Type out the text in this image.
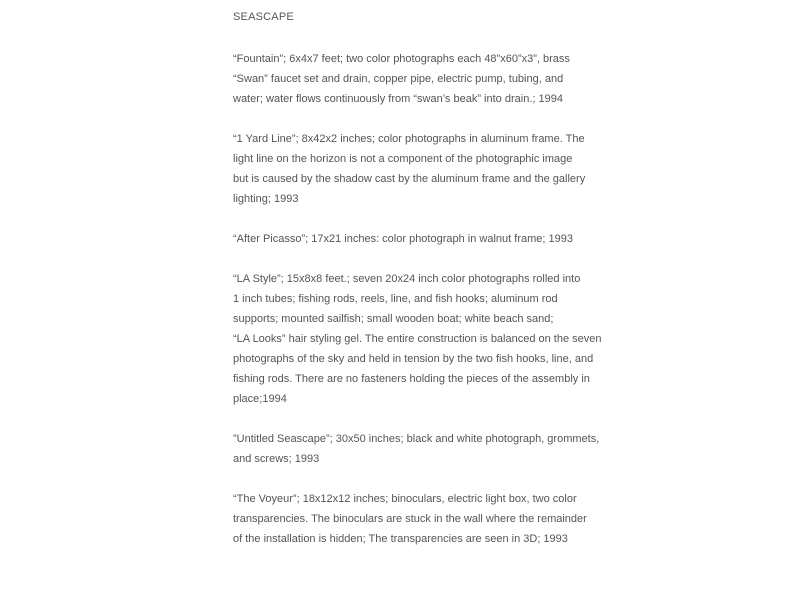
SEASCAPE
“Fountain”; 6x4x7 feet; two color photographs each 48”x60”x3”, brass
“Swan” faucet set and drain, copper pipe, electric pump, tubing, and
water; water flows continuously from “swan’s beak” into drain.; 1994
“1 Yard Line”; 8x42x2 inches; color photographs in aluminum frame. The
light line on the horizon is not a component of the photographic image
but is caused by the shadow cast by the aluminum frame and the gallery
lighting; 1993
“After Picasso”; 17x21 inches: color photograph in walnut frame; 1993
“LA Style”; 15x8x8 feet.; seven 20x24 inch color photographs rolled into
1 inch tubes; fishing rods, reels, line, and fish hooks; aluminum rod
supports; mounted sailfish; small wooden boat; white beach sand;
“LA Looks” hair styling gel. The entire construction is balanced on the seven
photographs of the sky and held in tension by the two fish hooks, line, and
fishing rods. There are no fasteners holding the pieces of the assembly in
place;1994
”Untitled Seascape”; 30x50 inches; black and white photograph, grommets,
and screws; 1993
“The Voyeur”; 18x12x12 inches; binoculars, electric light box, two color
transparencies. The binoculars are stuck in the wall where the remainder
of the installation is hidden; The transparencies are seen in 3D; 1993
